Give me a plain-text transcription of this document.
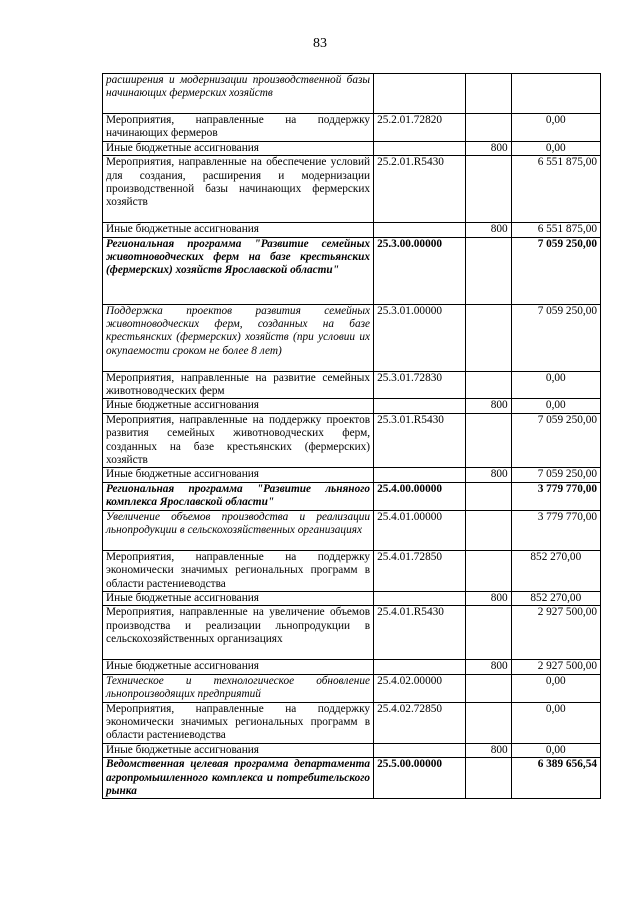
83
расширения и модернизации производственной базы начинающих фермерских хозяйств			
Мероприятия, направленные на поддержку начинающих фермеров	25.2.01.72820		0,00
Иные бюджетные ассигнования		800	0,00
Мероприятия, направленные на обеспечение условий для создания, расширения и модернизации производственной базы начинающих фермерских хозяйств	25.2.01.R5430		6 551 875,00
Иные бюджетные ассигнования		800	6 551 875,00
Региональная программа "Развитие семейных животноводческих ферм на базе крестьянских (фермерских) хозяйств Ярославской области"	25.3.00.00000		7 059 250,00
Поддержка проектов развития семейных животноводческих ферм, созданных на базе крестьянских (фермерских) хозяйств (при условии их окупаемости сроком не более 8 лет)	25.3.01.00000		7 059 250,00
Мероприятия, направленные на развитие семейных животноводческих ферм	25.3.01.72830		0,00
Иные бюджетные ассигнования		800	0,00
Мероприятия, направленные на поддержку проектов развития семейных животноводческих ферм, созданных на базе крестьянских (фермерских) хозяйств	25.3.01.R5430		7 059 250,00
Иные бюджетные ассигнования		800	7 059 250,00
Региональная программа "Развитие льняного комплекса Ярославской области"	25.4.00.00000		3 779 770,00
Увеличение объемов производства и реализации льнопродукции в сельскохозяйственных организациях	25.4.01.00000		3 779 770,00
Мероприятия, направленные на поддержку экономически значимых региональных программ в области растениеводства	25.4.01.72850		852 270,00
Иные бюджетные ассигнования		800	852 270,00
Мероприятия, направленные на увеличение объемов производства и реализации льнопродукции в сельскохозяйственных организациях	25.4.01.R5430		2 927 500,00
Иные бюджетные ассигнования		800	2 927 500,00
Техническое и технологическое обновление льнопроизводящих предприятий	25.4.02.00000		0,00
Мероприятия, направленные на поддержку экономически значимых региональных программ в области растениеводства	25.4.02.72850		0,00
Иные бюджетные ассигнования		800	0,00
Ведомственная целевая программа департамента агропромышленного комплекса и потребительского рынка	25.5.00.00000		6 389 656,54
